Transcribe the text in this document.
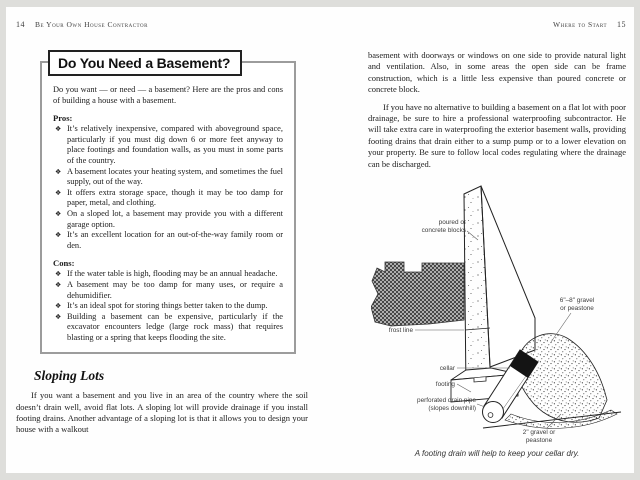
14 Be Your Own House Contractor
Do You Need a Basement?

Do you want — or need — a basement? Here are the pros and cons of building a house with a basement.

Pros:
❖ It’s relatively inexpensive, compared with aboveground space, particularly if you must dig down 6 or more feet anyway to place footings and foundation walls, as you must in some parts of the country.
❖ A basement locates your heating system, and sometimes the fuel supply, out of the way.
❖ It offers extra storage space, though it may be too damp for paper, metal, and clothing.
❖ On a sloped lot, a basement may provide you with a different garage option.
❖ It’s an excellent location for an out-of-the-way family room or den.
Cons:
❖ If the water table is high, flooding may be an annual headache.
❖ A basement may be too damp for many uses, or require a dehumidifier.
❖ It’s an ideal spot for storing things better taken to the dump.
❖ Building a basement can be expensive, particularly if the excavator encounters ledge (large rock mass) that requires blasting or a spring that keeps flooding the site.
Sloping Lots

If you want a basement and you live in an area of the country where the soil doesn’t drain well, avoid flat lots. A sloping lot will provide drainage if you install footing drains. Another advantage of a sloping lot is that it allows you to design your house with a walkout

Where to Start 15

basement with doorways or windows on one side to provide natural light and ventilation. Also, in some areas the open side can be frame construction, which is a little less expensive than poured concrete or concrete block.

If you have no alternative to building a basement on a flat lot with poor drainage, be sure to hire a professional waterproofing subcontractor. He will take extra care in waterproofing the exterior basement walls, providing footing drains that drain either to a sump pump or to a lower elevation on your property. Be sure to follow local codes regulating where the drainage can be discharged.

poured or
concrete blocks
6"–8" gravel
or peastone
frost line
cellar
footing
perforated drain pipe
(slopes downhill)
2" gravel or
peastone
A footing drain will help to keep your cellar dry.
